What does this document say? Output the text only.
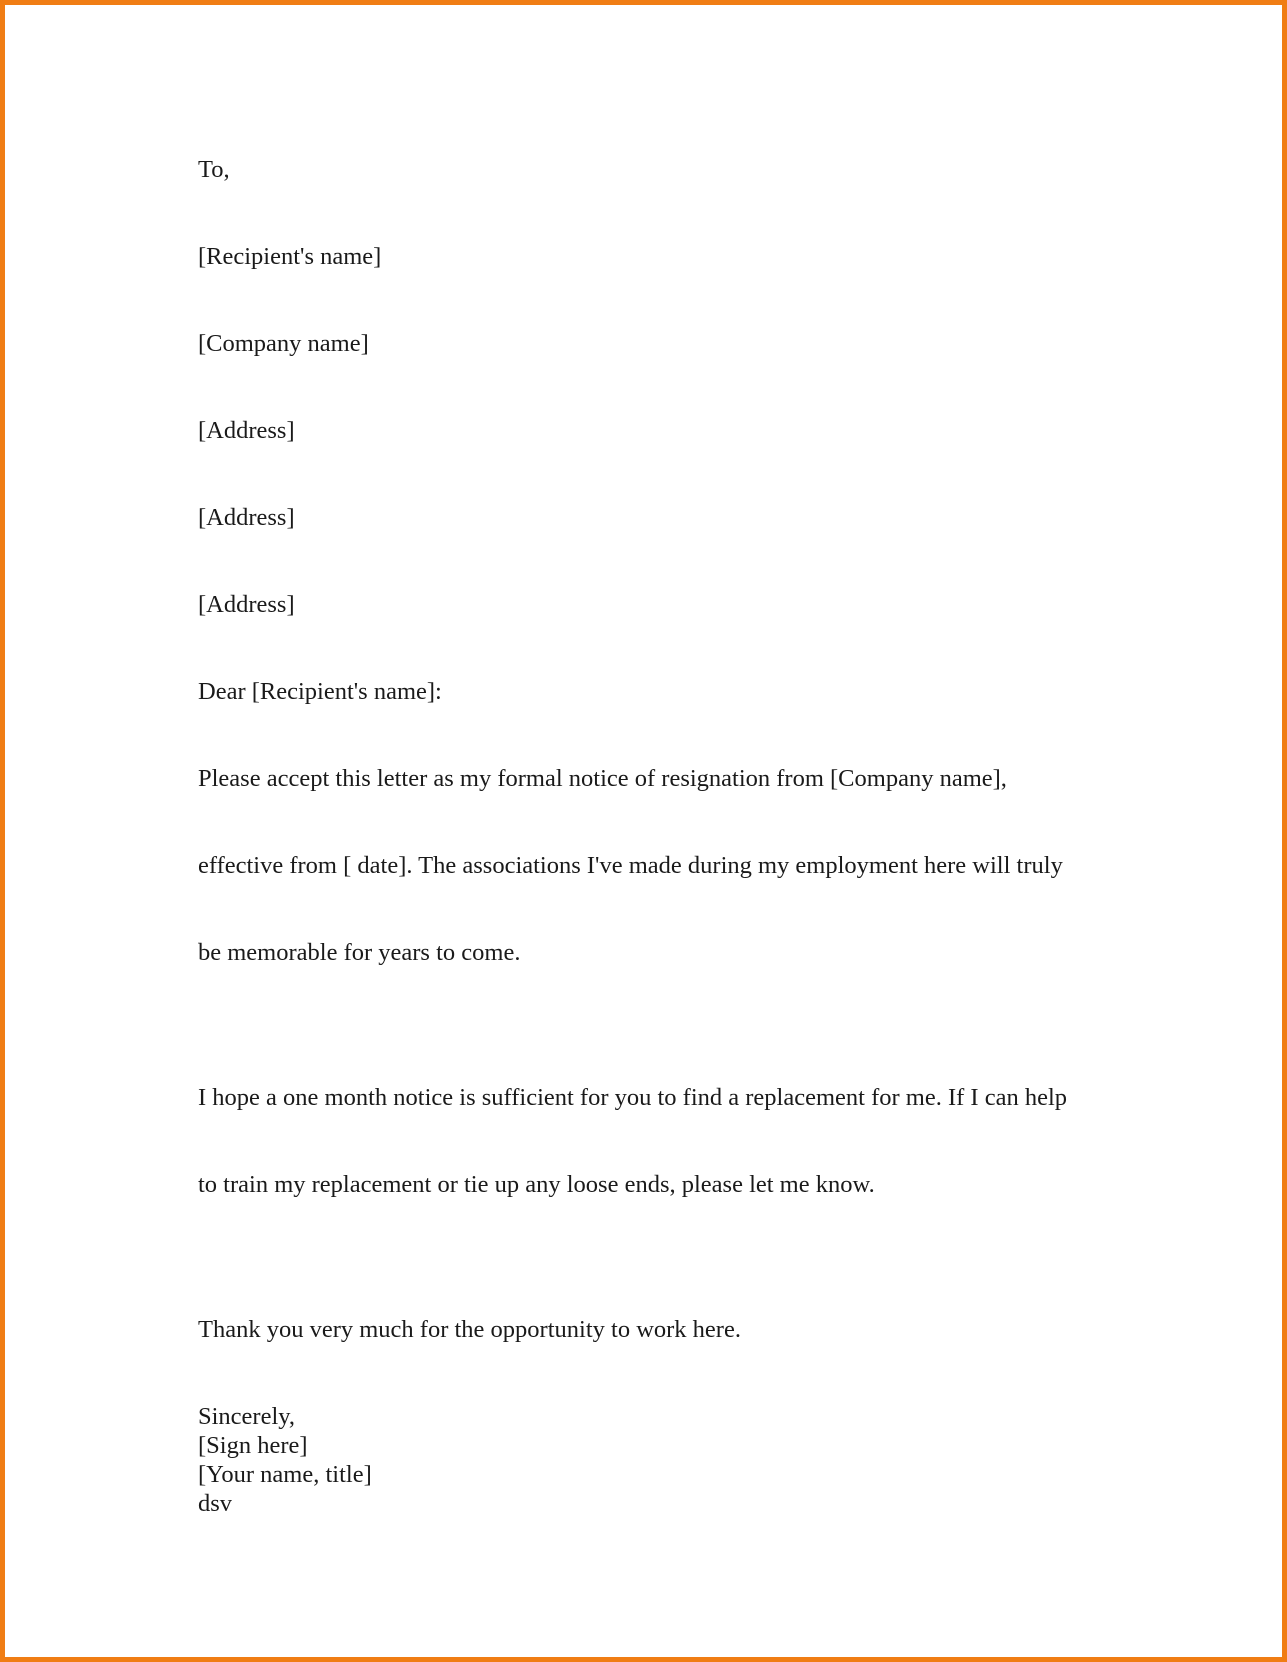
To,

[Recipient's name]

[Company name]

[Address]

[Address]

[Address]

Dear [Recipient's name]:

Please accept this letter as my formal notice of resignation from [Company name],

effective from [ date]. The associations I've made during my employment here will truly

be memorable for years to come.

I hope a one month notice is sufficient for you to find a replacement for me. If I can help

to train my replacement or tie up any loose ends, please let me know.

Thank you very much for the opportunity to work here.

Sincerely,

[Sign here]

[Your name, title]

dsv
